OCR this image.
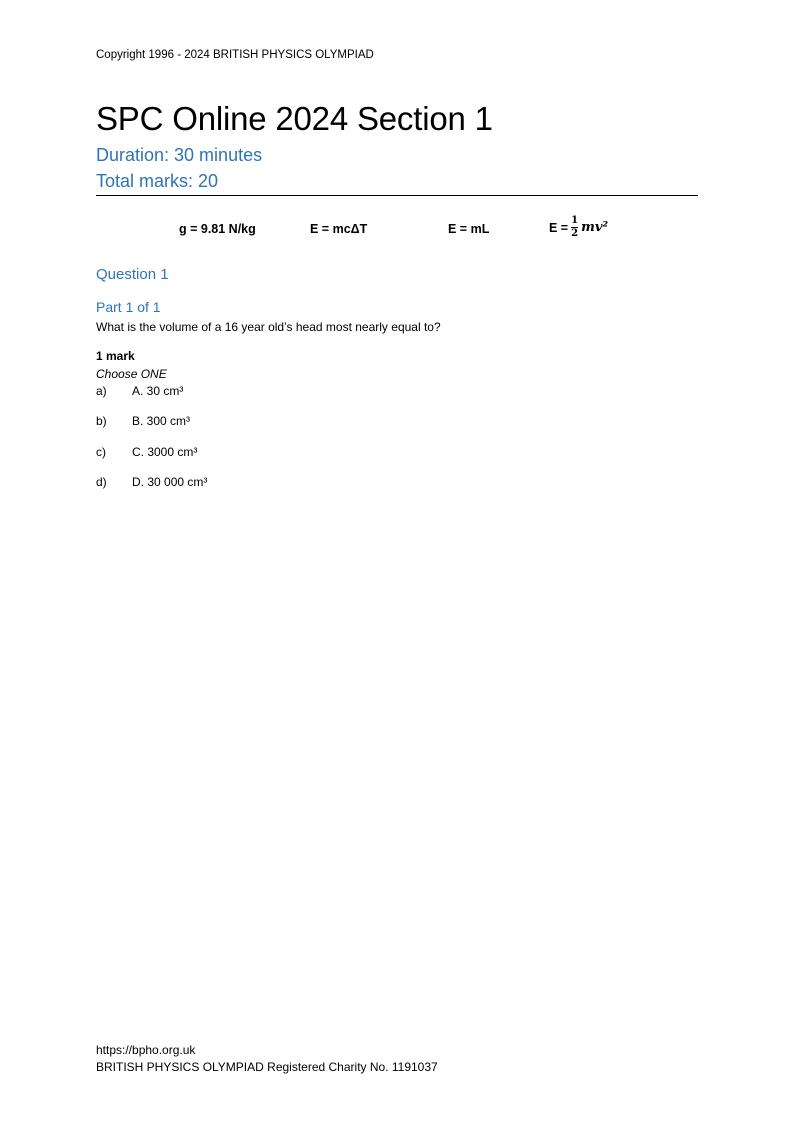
Copyright 1996 - 2024 BRITISH PHYSICS OLYMPIAD
SPC Online 2024 Section 1
Duration: 30 minutes
Total marks: 20
g = 9.81 N/kg	E = mcΔT	E = mL	$E = \frac{1}{2} mv^2$
Question 1
Part 1 of 1
What is the volume of a 16 year old’s head most nearly equal to?
1 mark
Choose ONE
a) A. 30 cm³
b) B. 300 cm³
c) C. 3000 cm³
d) D. 30 000 cm³
https://bpho.org.uk
BRITISH PHYSICS OLYMPIAD Registered Charity No. 1191037
